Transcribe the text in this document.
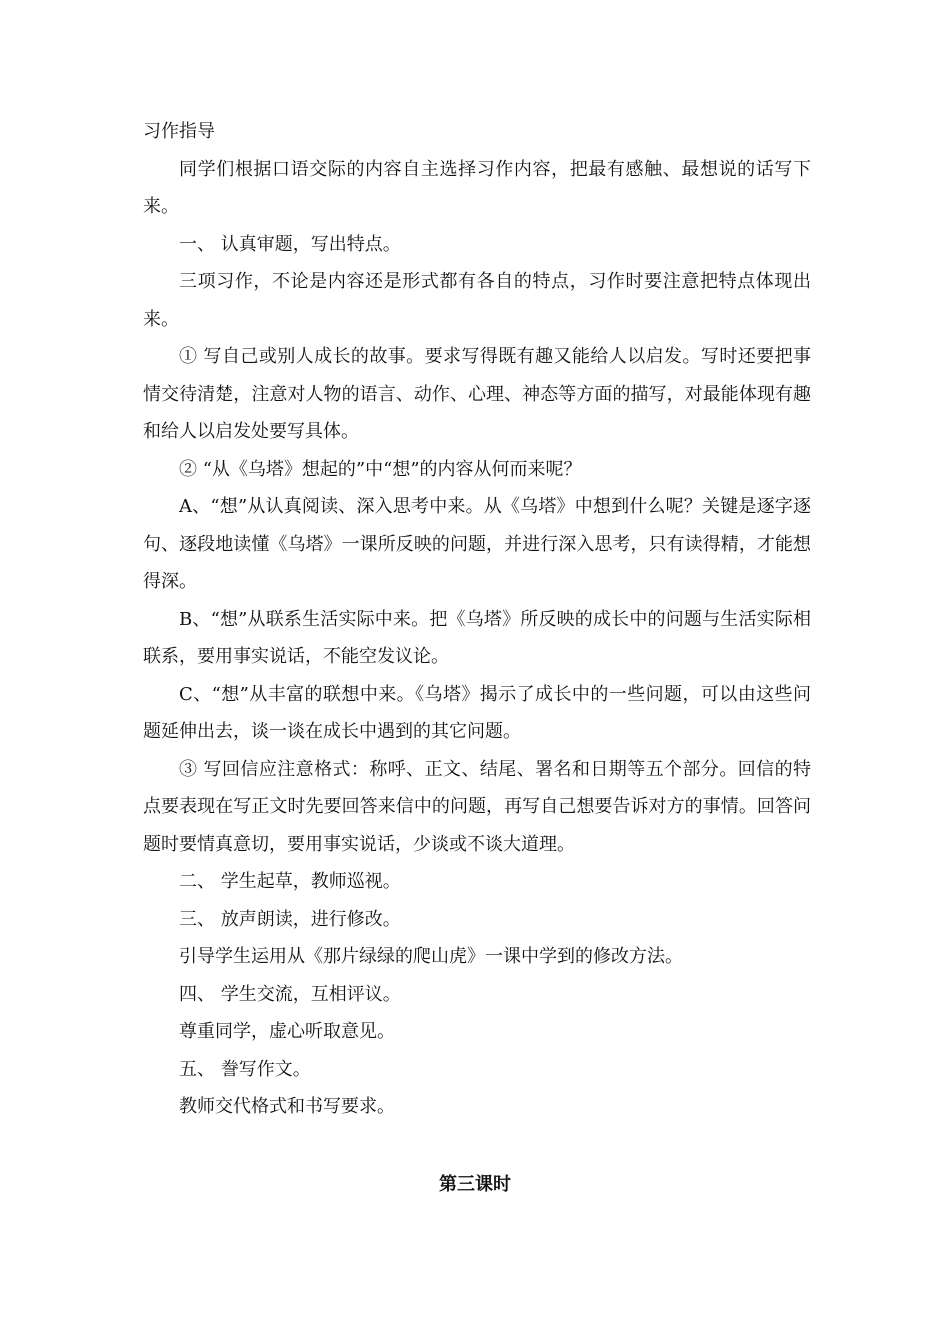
习作指导

同学们根据口语交际的内容自主选择习作内容，把最有感触、最想说的话写下来。

一、 认真审题，写出特点。

三项习作，不论是内容还是形式都有各自的特点，习作时要注意把特点体现出来。

① 写自己或别人成长的故事。要求写得既有趣又能给人以启发。写时还要把事情交待清楚，注意对人物的语言、动作、心理、神态等方面的描写，对最能体现有趣和给人以启发处要写具体。

② “从《乌塔》想起的”中“想”的内容从何而来呢？

A、“想”从认真阅读、深入思考中来。从《乌塔》中想到什么呢？关键是逐字逐句、逐段地读懂《乌塔》一课所反映的问题，并进行深入思考，只有读得精，才能想得深。

B、“想”从联系生活实际中来。把《乌塔》所反映的成长中的问题与生活实际相联系，要用事实说话，不能空发议论。

C、“想”从丰富的联想中来。《乌塔》揭示了成长中的一些问题，可以由这些问题延伸出去，谈一谈在成长中遇到的其它问题。

③ 写回信应注意格式：称呼、正文、结尾、署名和日期等五个部分。回信的特点要表现在写正文时先要回答来信中的问题，再写自己想要告诉对方的事情。回答问题时要情真意切，要用事实说话，少谈或不谈大道理。

二、 学生起草，教师巡视。

三、 放声朗读，进行修改。

引导学生运用从《那片绿绿的爬山虎》一课中学到的修改方法。

四、 学生交流，互相评议。

尊重同学，虚心听取意见。

五、 誊写作文。

教师交代格式和书写要求。

第三课时
